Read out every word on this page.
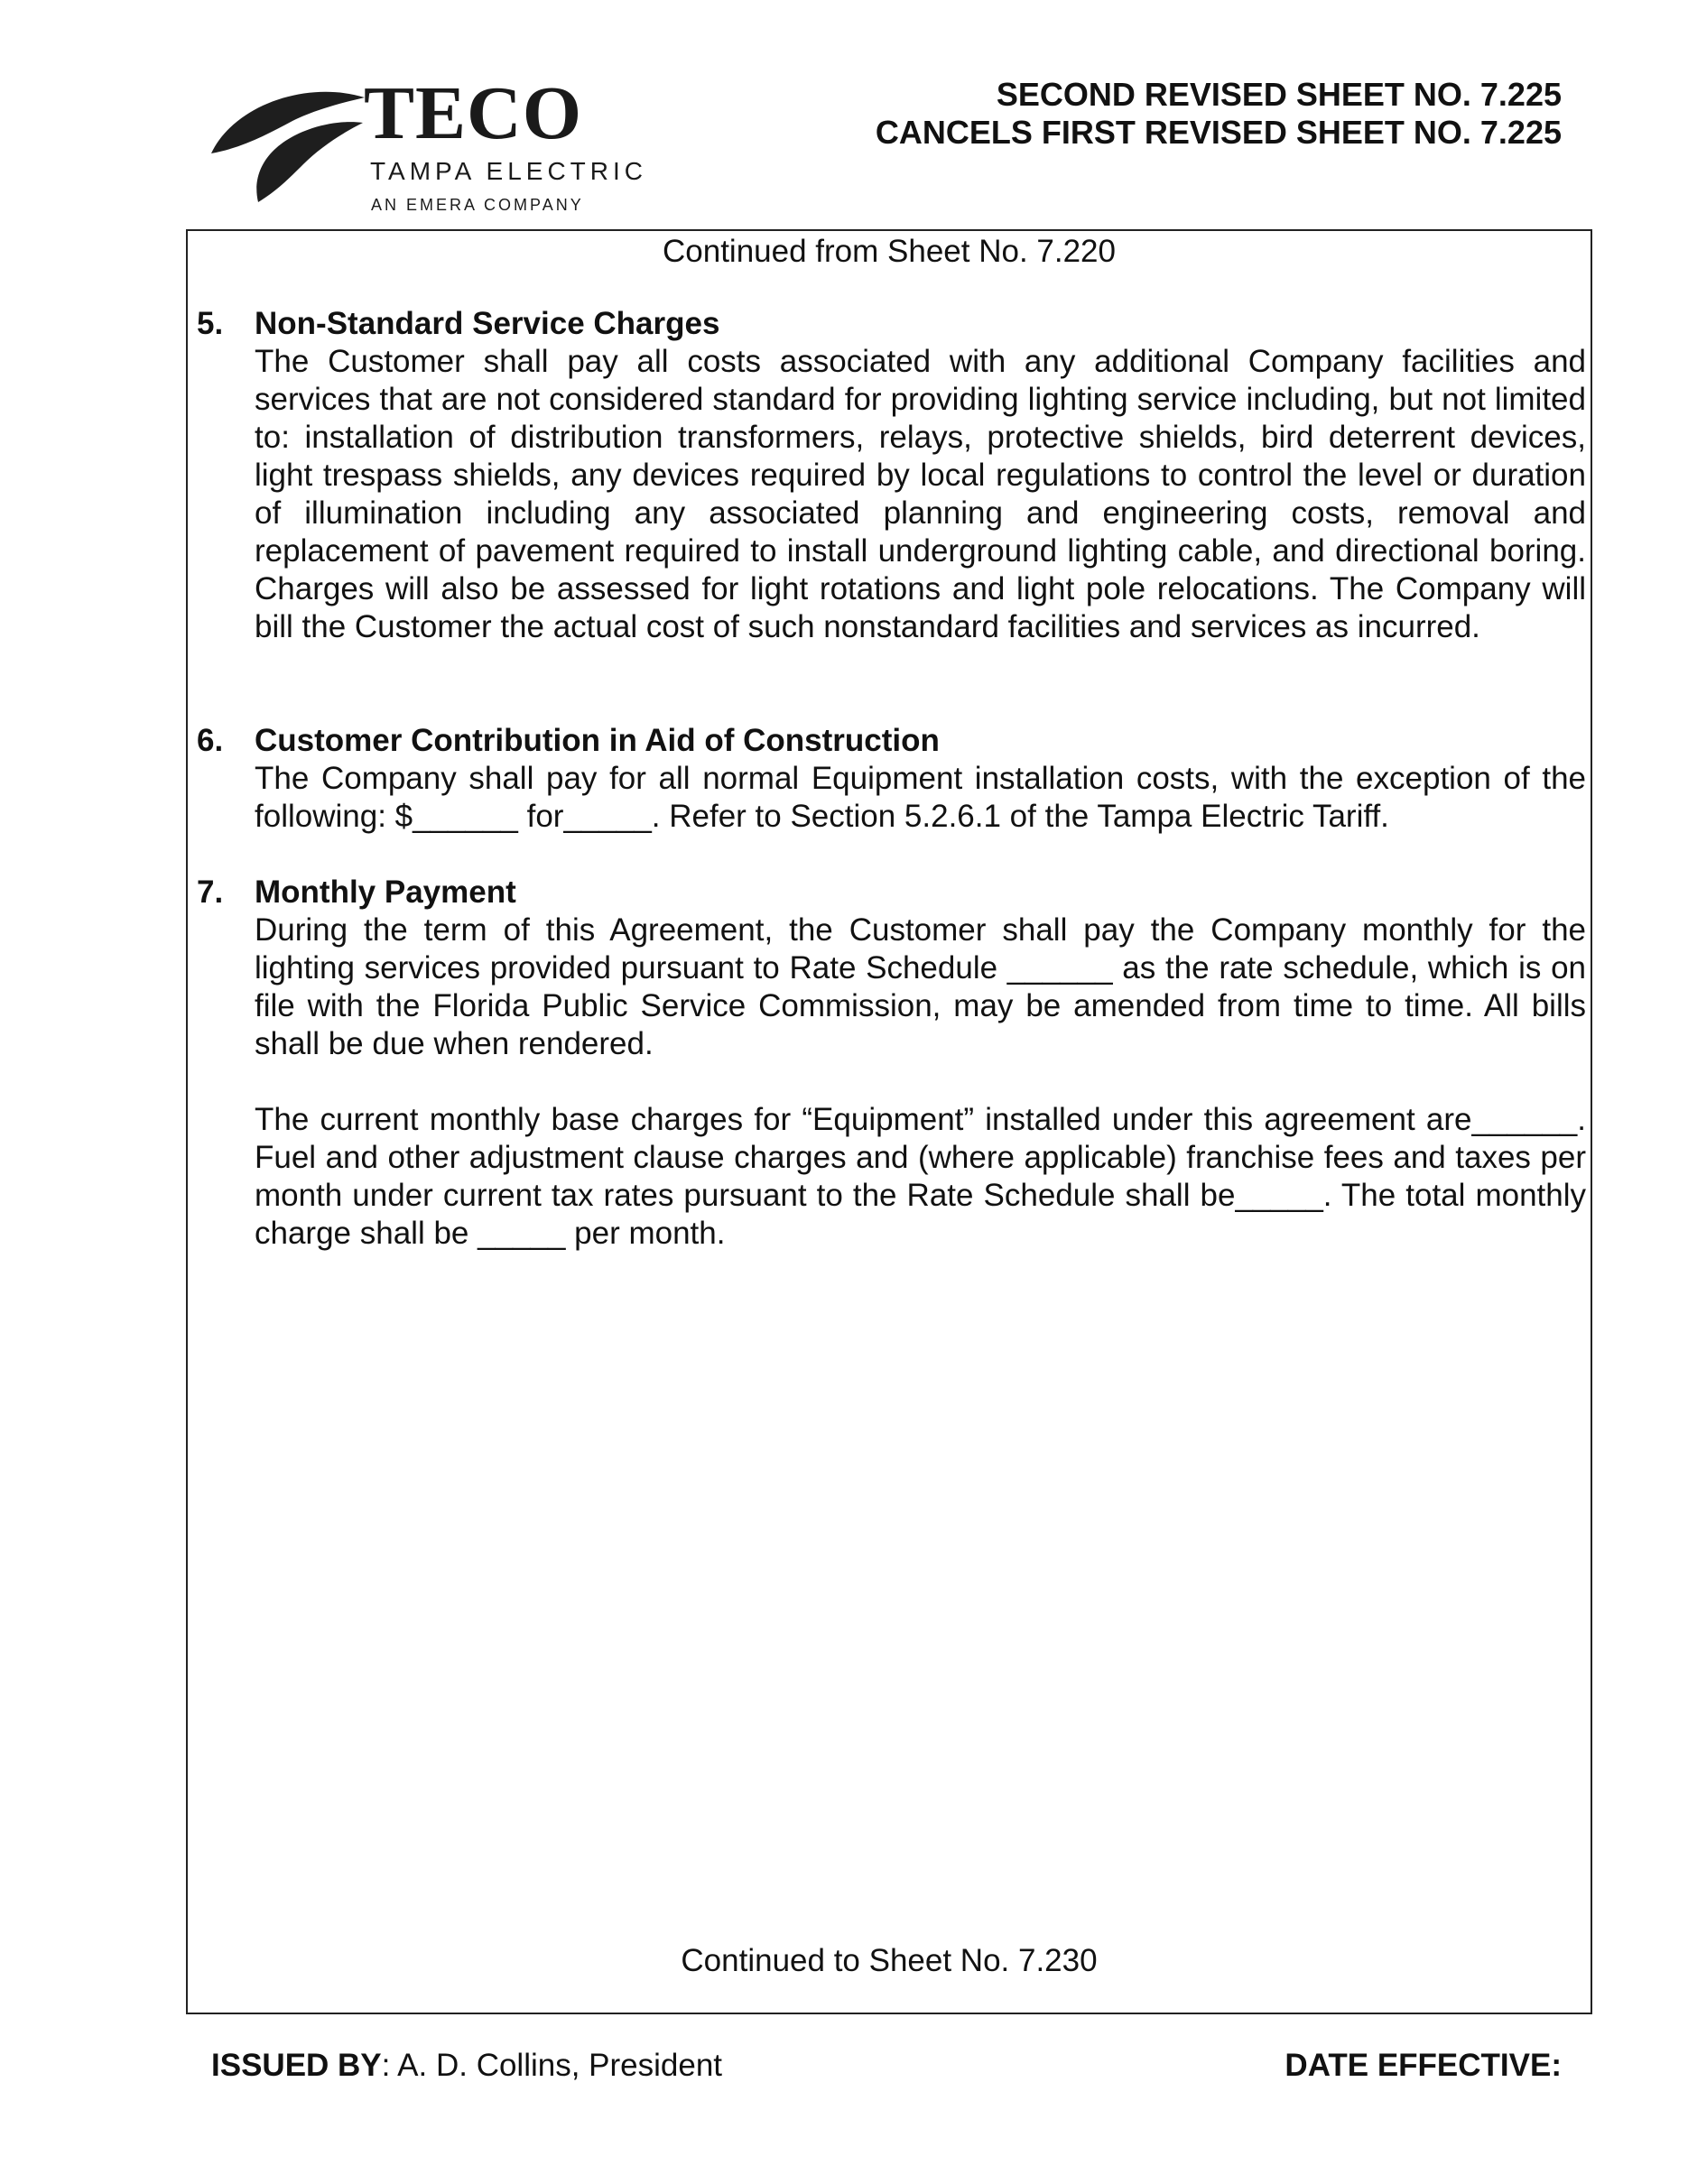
TECO
TAMPA ELECTRIC
AN EMERA COMPANY
SECOND REVISED SHEET NO. 7.225
CANCELS FIRST REVISED SHEET NO. 7.225
Continued from Sheet No. 7.220
5. Non-Standard Service Charges
The Customer shall pay all costs associated with any additional Company facilities and services that are not considered standard for providing lighting service including, but not limited to: installation of distribution transformers, relays, protective shields, bird deterrent devices, light trespass shields, any devices required by local regulations to control the level or duration of illumination including any associated planning and engineering costs, removal and replacement of pavement required to install underground lighting cable, and directional boring. Charges will also be assessed for light rotations and light pole relocations. The Company will bill the Customer the actual cost of such nonstandard facilities and services as incurred.
6. Customer Contribution in Aid of Construction
The Company shall pay for all normal Equipment installation costs, with the exception of the following: $______ for_____. Refer to Section 5.2.6.1 of the Tampa Electric Tariff.
7. Monthly Payment
During the term of this Agreement, the Customer shall pay the Company monthly for the lighting services provided pursuant to Rate Schedule ______ as the rate schedule, which is on file with the Florida Public Service Commission, may be amended from time to time. All bills shall be due when rendered.
The current monthly base charges for “Equipment” installed under this agreement are______. Fuel and other adjustment clause charges and (where applicable) franchise fees and taxes per month under current tax rates pursuant to the Rate Schedule shall be_____. The total monthly charge shall be _____ per month.
Continued to Sheet No. 7.230
ISSUED BY: A. D. Collins, President	DATE EFFECTIVE:
